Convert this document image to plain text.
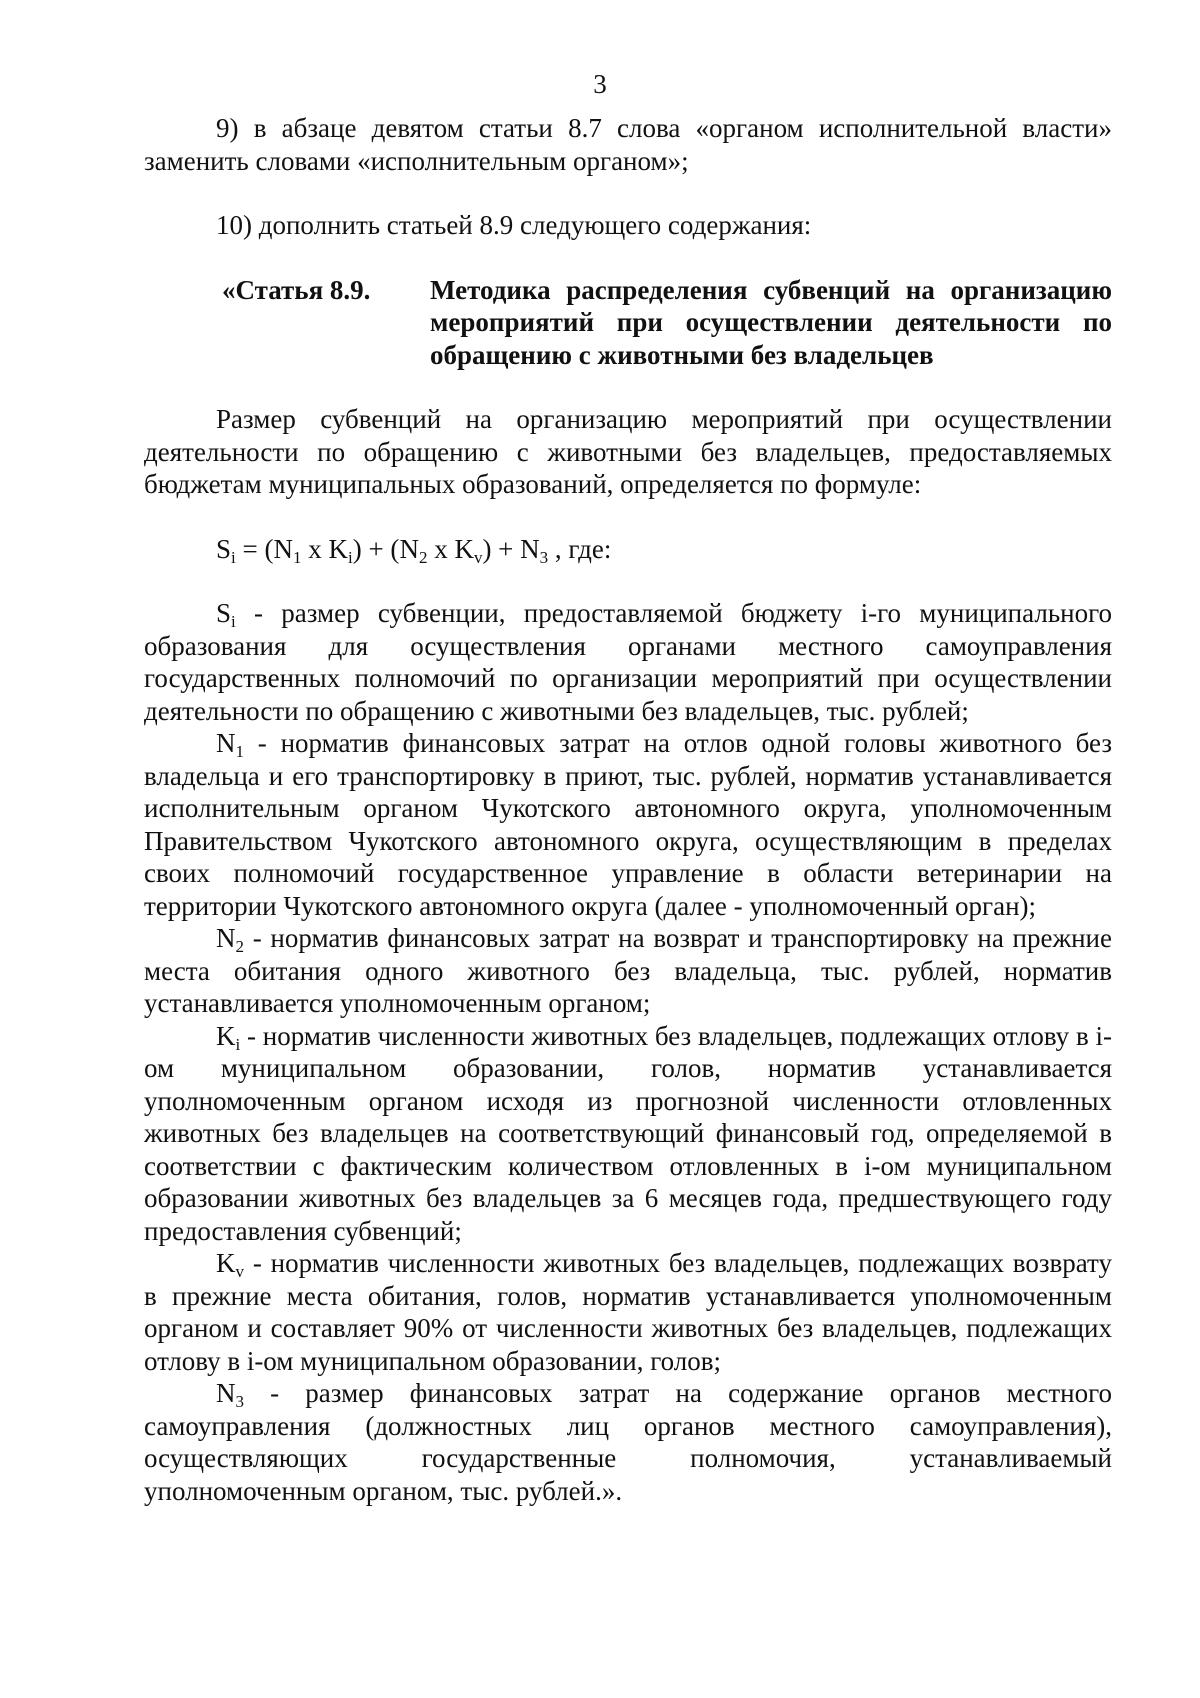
3

9) в абзаце девятом статьи 8.7 слова «органом исполнительной власти» заменить словами «исполнительным органом»;

10) дополнить статьей 8.9 следующего содержания:

«Статья 8.9.	Методика распределения субвенций на организацию мероприятий при осуществлении деятельности по обращению с животными без владельцев

Размер субвенций на организацию мероприятий при осуществлении деятельности по обращению с животными без владельцев, предоставляемых бюджетам муниципальных образований, определяется по формуле:

$S_i = (N_1$ x $K_i) + (N_2$ x $K_v) + N_3$ , где:

$S_i$ - размер субвенции, предоставляемой бюджету i-го муниципального образования для осуществления органами местного самоуправления государственных полномочий по организации мероприятий при осуществлении деятельности по обращению с животными без владельцев, тыс. рублей;

$N_1$ - норматив финансовых затрат на отлов одной головы животного без владельца и его транспортировку в приют, тыс. рублей, норматив устанавливается исполнительным органом Чукотского автономного округа, уполномоченным Правительством Чукотского автономного округа, осуществляющим в пределах своих полномочий государственное управление в области ветеринарии на территории Чукотского автономного округа (далее - уполномоченный орган);

$N_2$ - норматив финансовых затрат на возврат и транспортировку на прежние места обитания одного животного без владельца, тыс. рублей, норматив устанавливается уполномоченным органом;

$K_i$ - норматив численности животных без владельцев, подлежащих отлову в i-ом муниципальном образовании, голов, норматив устанавливается уполномоченным органом исходя из прогнозной численности отловленных животных без владельцев на соответствующий финансовый год, определяемой в соответствии с фактическим количеством отловленных в i-ом муниципальном образовании животных без владельцев за 6 месяцев года, предшествующего году предоставления субвенций;

$K_v$ - норматив численности животных без владельцев, подлежащих возврату в прежние места обитания, голов, норматив устанавливается уполномоченным органом и составляет 90% от численности животных без владельцев, подлежащих отлову в i-ом муниципальном образовании, голов;

$N_3$ - размер финансовых затрат на содержание органов местного самоуправления (должностных лиц органов местного самоуправления), осуществляющих государственные полномочия, устанавливаемый уполномоченным органом, тыс. рублей.».
